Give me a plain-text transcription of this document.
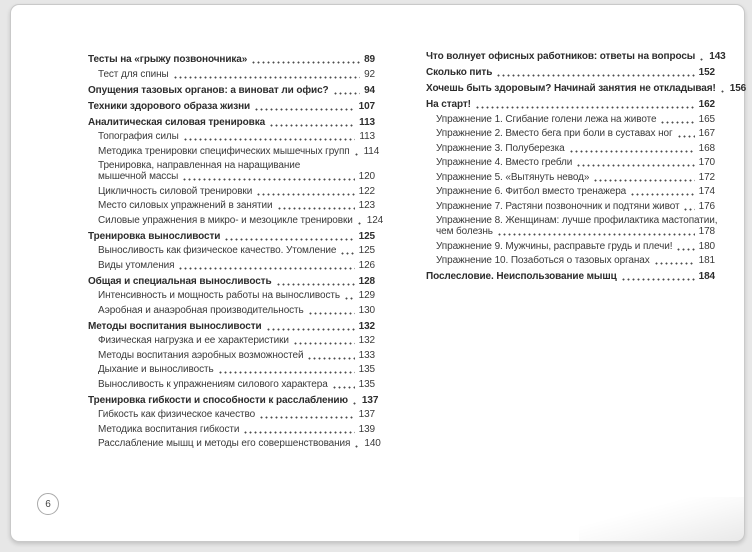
Тесты на «грыжу позвоночника»	89
Тест для спины	92
Опущения тазовых органов: а виноват ли офис?	94
Техники здорового образа жизни	107
Аналитическая силовая тренировка	113
Топография силы	113
Методика тренировки специфических мышечных групп 114
Тренировка, направленная на наращивание
мышечной массы	120
Цикличность силовой тренировки	122
Место силовых упражнений в занятии	123
Силовые упражнения в микро- и мезоцикле тренировки 124
Тренировка выносливости	125
Выносливость как физическое качество. Утомление 125
Виды утомления	126
Общая и специальная выносливость	128
Интенсивность и мощность работы на выносливость 129
Аэробная и анаэробная производительность	130
Методы воспитания выносливости	132
Физическая нагрузка и ее характеристики	132
Методы воспитания аэробных возможностей	133
Дыхание и выносливость	135
Выносливость к упражнениям силового характера	135
Тренировка гибкости и способности к расслаблению 137
Гибкость как физическое качество	137
Методика воспитания гибкости	139
Расслабление мышц и методы его совершенствования 140
Что волнует офисных работников: ответы на вопросы 143
Сколько пить	152
Хочешь быть здоровым? Начинай занятия не откладывая! 156
На старт!	162
Упражнение 1. Сгибание голени лежа на животе	165
Упражнение 2. Вместо бега при боли в суставах ног	167
Упражнение 3. Полуберезка	168
Упражнение 4. Вместо гребли	170
Упражнение 5. «Вытянуть невод»	172
Упражнение 6. Фитбол вместо тренажера	174
Упражнение 7. Растяни позвоночник и подтяни живот 176
Упражнение 8. Женщинам: лучше профилактика мастопатии,
чем болезнь	178
Упражнение 9. Мужчины, расправьте грудь и плечи!	180
Упражнение 10. Позаботься о тазовых органах	181
Послесловие. Неиспользование мышц	184
6
